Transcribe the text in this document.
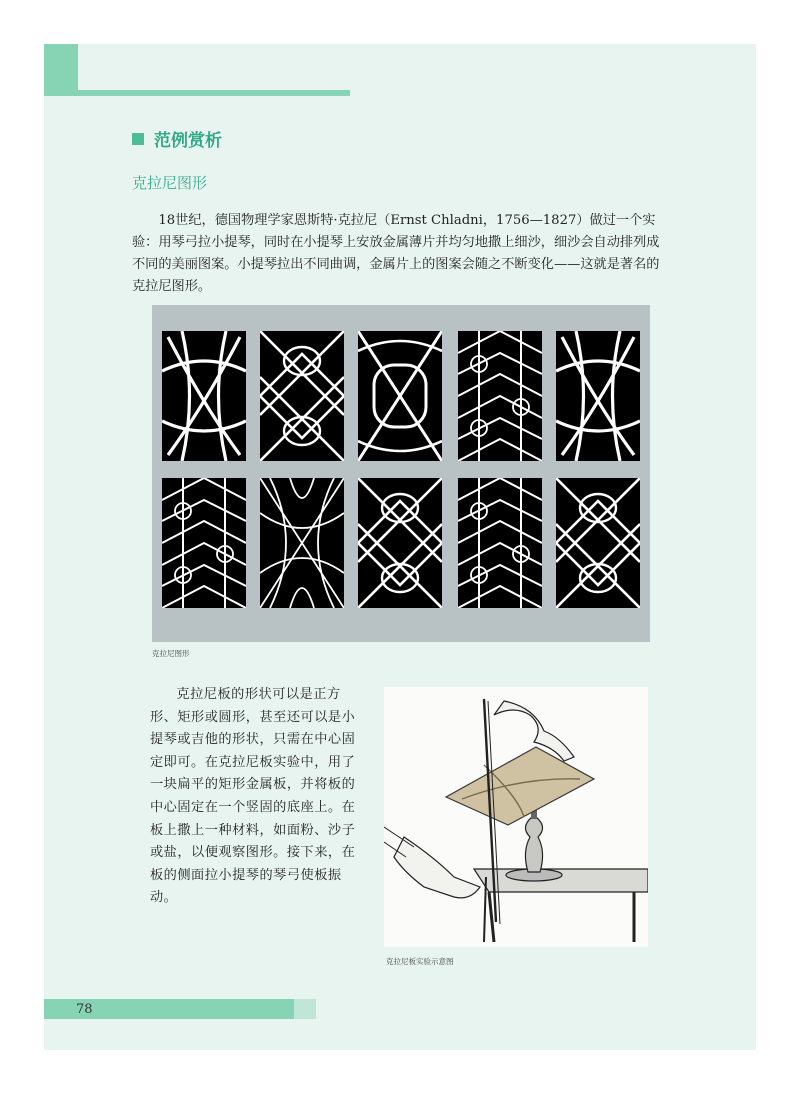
范例赏析
克拉尼图形

18世纪，德国物理学家恩斯特·克拉尼（Ernst Chladni，1756—1827）做过一个实验：用琴弓拉小提琴，同时在小提琴上安放金属薄片并均匀地撒上细沙，细沙会自动排列成不同的美丽图案。小提琴拉出不同曲调，金属片上的图案会随之不断变化——这就是著名的克拉尼图形。

克拉尼图形

克拉尼板的形状可以是正方形、矩形或圆形，甚至还可以是小提琴或吉他的形状，只需在中心固定即可。在克拉尼板实验中，用了一块扁平的矩形金属板，并将板的中心固定在一个竖固的底座上。在板上撒上一种材料，如面粉、沙子或盐，以便观察图形。接下来，在板的侧面拉小提琴的琴弓使板振动。

克拉尼板实验示意图
78
